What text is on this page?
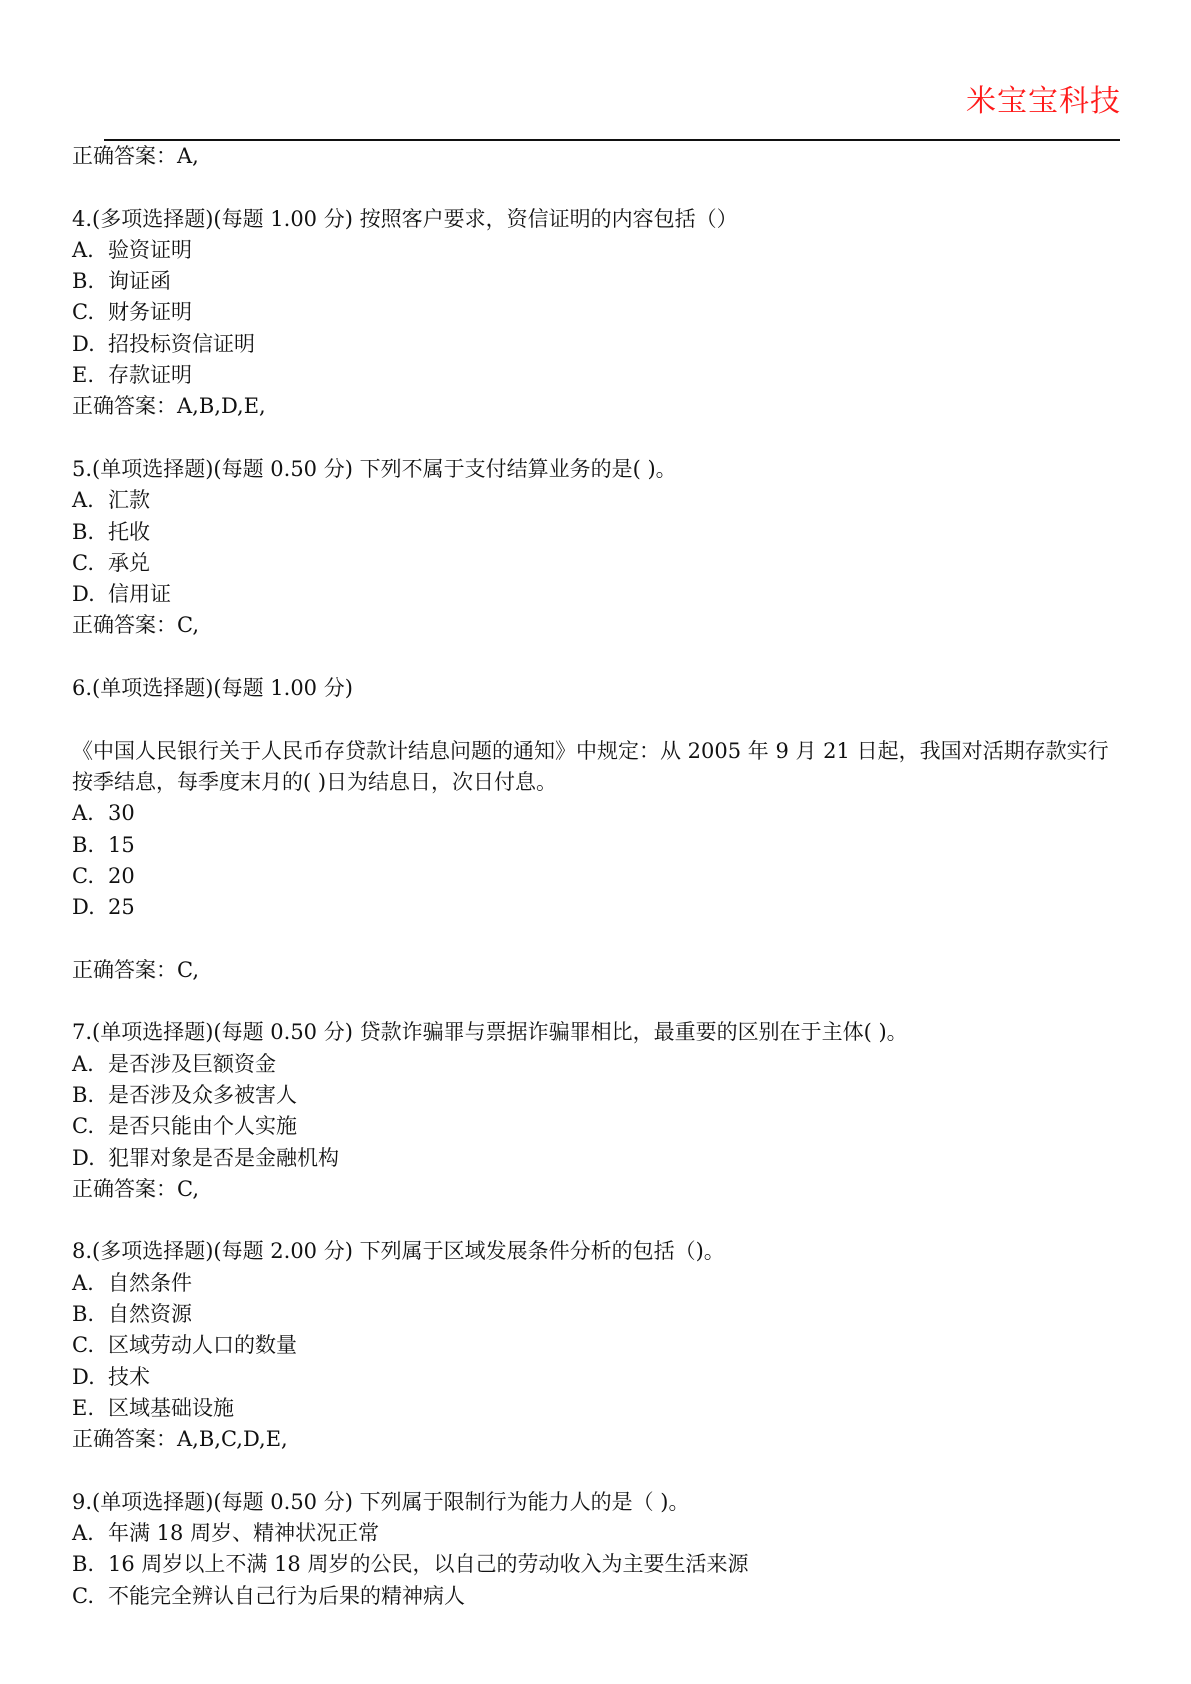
米宝宝科技
正确答案：A,
4.(多项选择题)(每题 1.00 分) 按照客户要求，资信证明的内容包括（）
A. 验资证明
B. 询证函
C. 财务证明
D. 招投标资信证明
E. 存款证明
正确答案：A,B,D,E,
5.(单项选择题)(每题 0.50 分) 下列不属于支付结算业务的是( )。
A. 汇款
B. 托收
C. 承兑
D. 信用证
正确答案：C,
6.(单项选择题)(每题 1.00 分)
《中国人民银行关于人民币存贷款计结息问题的通知》中规定：从 2005 年 9 月 21 日起，我国对活期存款实行按季结息，每季度末月的( )日为结息日，次日付息。
A. 30
B. 15
C. 20
D. 25
正确答案：C,
7.(单项选择题)(每题 0.50 分) 贷款诈骗罪与票据诈骗罪相比，最重要的区别在于主体( )。
A. 是否涉及巨额资金
B. 是否涉及众多被害人
C. 是否只能由个人实施
D. 犯罪对象是否是金融机构
正确答案：C,
8.(多项选择题)(每题 2.00 分) 下列属于区域发展条件分析的包括（)。
A. 自然条件
B. 自然资源
C. 区域劳动人口的数量
D. 技术
E. 区域基础设施
正确答案：A,B,C,D,E,
9.(单项选择题)(每题 0.50 分) 下列属于限制行为能力人的是（ )。
A. 年满 18 周岁、精神状况正常
B. 16 周岁以上不满 18 周岁的公民，以自己的劳动收入为主要生活来源
C. 不能完全辨认自己行为后果的精神病人
